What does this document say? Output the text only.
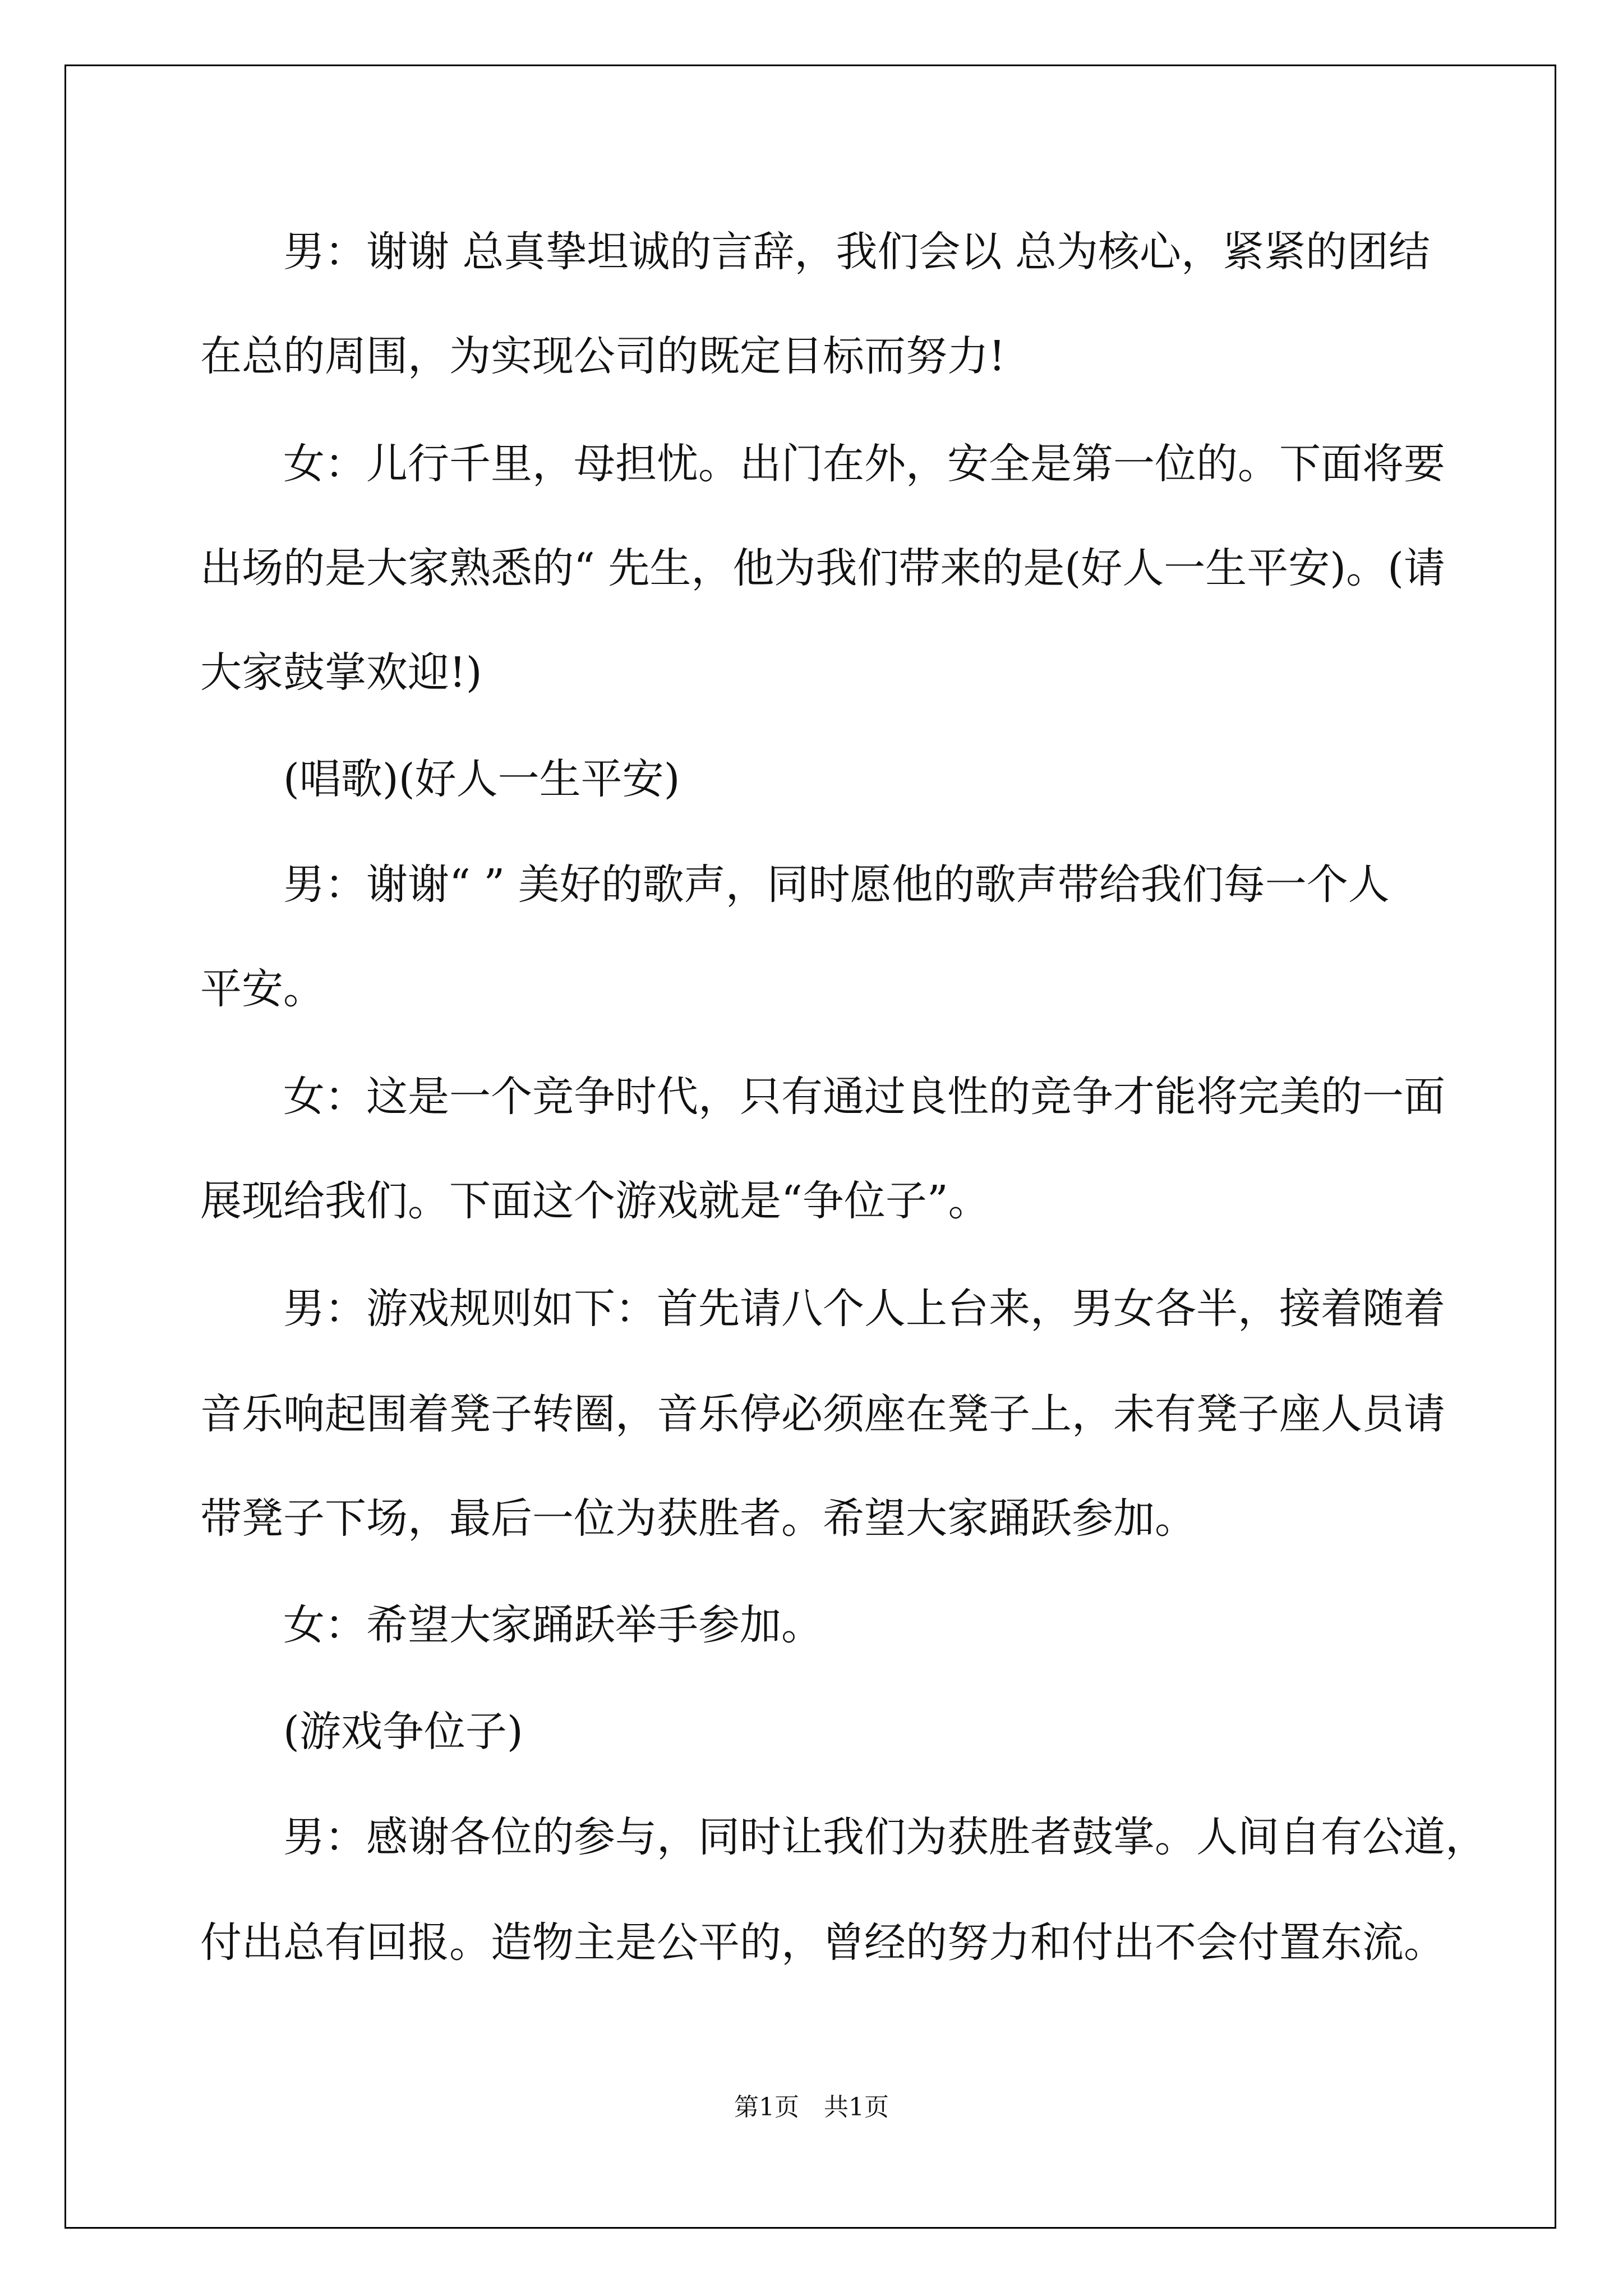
　　男：谢谢 总真挚坦诚的言辞，我们会以 总为核心，紧紧的团结

在总的周围，为实现公司的既定目标而努力!

　　女：儿行千里，母担忧。出门在外，安全是第一位的。下面将要

出场的是大家熟悉的“ 先生，他为我们带来的是(好人一生平安)。(请

大家鼓掌欢迎!)

　　(唱歌)(好人一生平安)

　　男：谢谢“ ” 美好的歌声，同时愿他的歌声带给我们每一个人

平安。

　　女：这是一个竞争时代，只有通过良性的竞争才能将完美的一面

展现给我们。下面这个游戏就是“争位子”。

　　男：游戏规则如下：首先请八个人上台来，男女各半，接着随着

音乐响起围着凳子转圈，音乐停必须座在凳子上，未有凳子座人员请

带凳子下场，最后一位为获胜者。希望大家踊跃参加。

　　女：希望大家踊跃举手参加。

　　(游戏争位子)

　　男：感谢各位的参与，同时让我们为获胜者鼓掌。人间自有公道，

付出总有回报。造物主是公平的，曾经的努力和付出不会付置东流。

第1页　共1页
